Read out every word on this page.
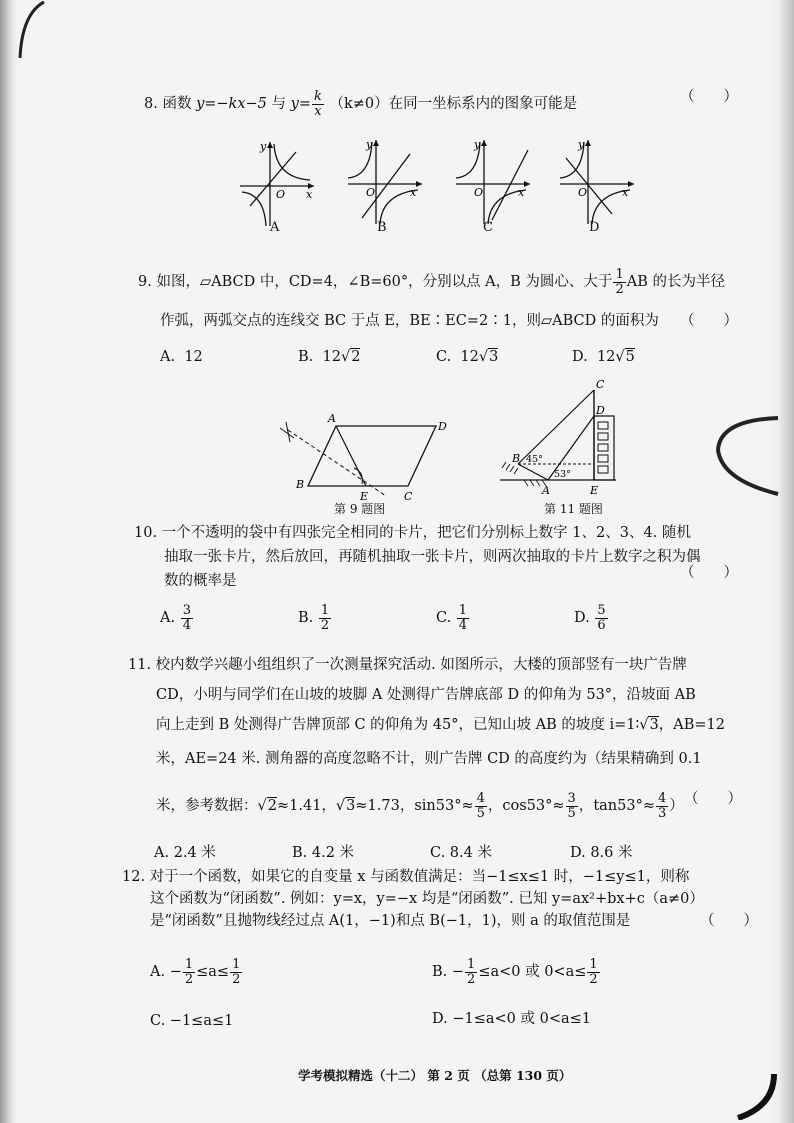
8. 函数 y=−kx−5 与 $y= \frac{k}{x} (k\ne 0)$在同一坐标系内的图象可能是	（　　）
y
O x
y
O	x
y
O	x
y
O	x
A	B	C	D
9. 如图，▱ABCD 中，CD=4，∠B=60°，分别以点 A，B 为圆心、大于 $\frac{1}{2}$ AB 的长为半径
作弧，两弧交点的连线交 BC 于点 E，BE∶EC=2∶1，则▱ABCD 的面积为 （　　）
A. 12	B. 12√2	C. 12√3	D. 12√5
A
D
B
C
E
第 9 题图
C
D
B
A	E
45°
53°
第 11 题图
10. 一个不透明的袋中有四张完全相同的卡片，把它们分别标上数字 1、2、3、4. 随机
抽取一张卡片，然后放回，再随机抽取一张卡片，则两次抽取的卡片上数字之积为偶
数的概率是	（　　）
A. $\frac{3}{4}$	B. $\frac{1}{2}$	C. $\frac{1}{4}$	D. $\frac{5}{6}$
11. 校内数学兴趣小组组织了一次测量探究活动. 如图所示，大楼的顶部竖有一块广告牌
CD，小明与同学们在山坡的坡脚 A 处测得广告牌底部 D 的仰角为 53°，沿坡面 AB
向上走到 B 处测得广告牌顶部 C 的仰角为 45°，已知山坡 AB 的坡度 i=1∶√3，AB=12
米，AE=24 米. 测角器的高度忽略不计，则广告牌 CD 的高度约为（结果精确到 0.1
米，参考数据：√2≈1.41，√3≈1.73，$\sin 53^\circ\approx \frac{4}{5}$ ，$\cos 53^\circ\approx \frac{3}{5}$ ，$\tan 53^\circ\approx \frac{4}{3}$ ） （　　）
A. 2.4 米	B. 4.2 米	C. 8.4 米	D. 8.6 米
12. 对于一个函数，如果它的自变量 x 与函数值满足：当−1≤x≤1 时，−1≤y≤1，则称
这个函数为“闭函数”. 例如：y=x，y=−x 均是“闭函数”. 已知 y=ax²+bx+c（a≠0）
是“闭函数”且抛物线经过点 A(1，−1)和点 B(−1，1)，则 a 的取值范围是	（　　）
A. − $\frac{1}{2} \le a\le \frac{1}{2}$	B. − $\frac{1}{2} \le a<0$ 或 $0<a\le \frac{1}{2}$
C. −1≤a≤1	D. −1≤a<0 或 0<a≤1
学考模拟精选（十二） 第 2 页 （总第 130 页）
